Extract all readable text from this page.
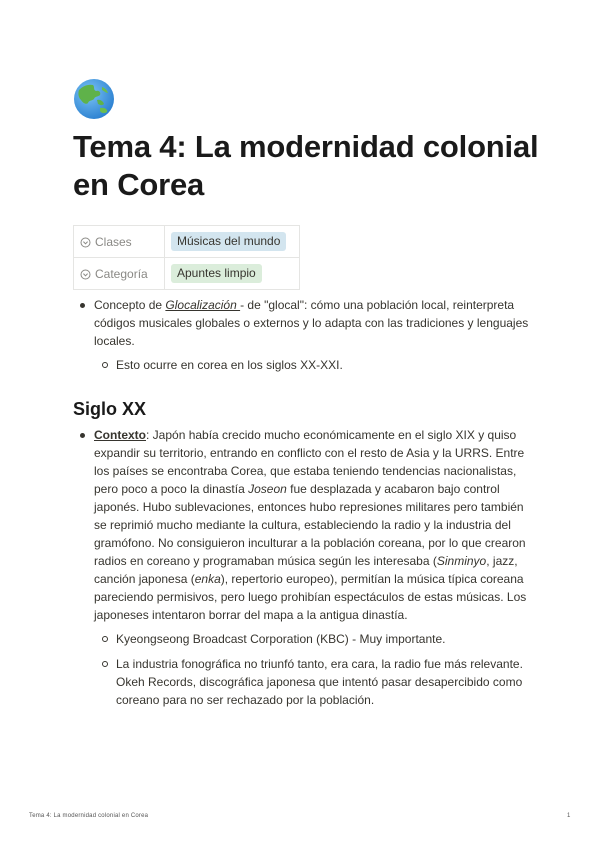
Tema 4: La modernidad colonial en Corea
Clases	Músicas del mundo
Categoría	Apuntes limpio
Concepto de Glocalización - de "glocal": cómo una población local, reinterpreta códigos musicales globales o externos y lo adapta con las tradiciones y lenguajes locales.
Esto ocurre en corea en los siglos XX-XXI.
Siglo XX
Contexto: Japón había crecido mucho económicamente en el siglo XIX y quiso expandir su territorio, entrando en conflicto con el resto de Asia y la URRS. Entre los países se encontraba Corea, que estaba teniendo tendencias nacionalistas, pero poco a poco la dinastía Joseon fue desplazada y acabaron bajo control japonés. Hubo sublevaciones, entonces hubo represiones militares pero también se reprimió mucho mediante la cultura, estableciendo la radio y la industria del gramófono. No consiguieron inculturar a la población coreana, por lo que crearon radios en coreano y programaban música según les interesaba (Sinminyo, jazz, canción japonesa (enka), repertorio europeo), permitían la música típica coreana pareciendo permisivos, pero luego prohibían espectáculos de estas músicas. Los japoneses intentaron borrar del mapa a la antigua dinastía.
Kyeongseong Broadcast Corporation (KBC) - Muy importante.
La industria fonográfica no triunfó tanto, era cara, la radio fue más relevante. Okeh Records, discográfica japonesa que intentó pasar desapercibido como coreano para no ser rechazado por la población.
Tema 4: La modernidad colonial en Corea	1
